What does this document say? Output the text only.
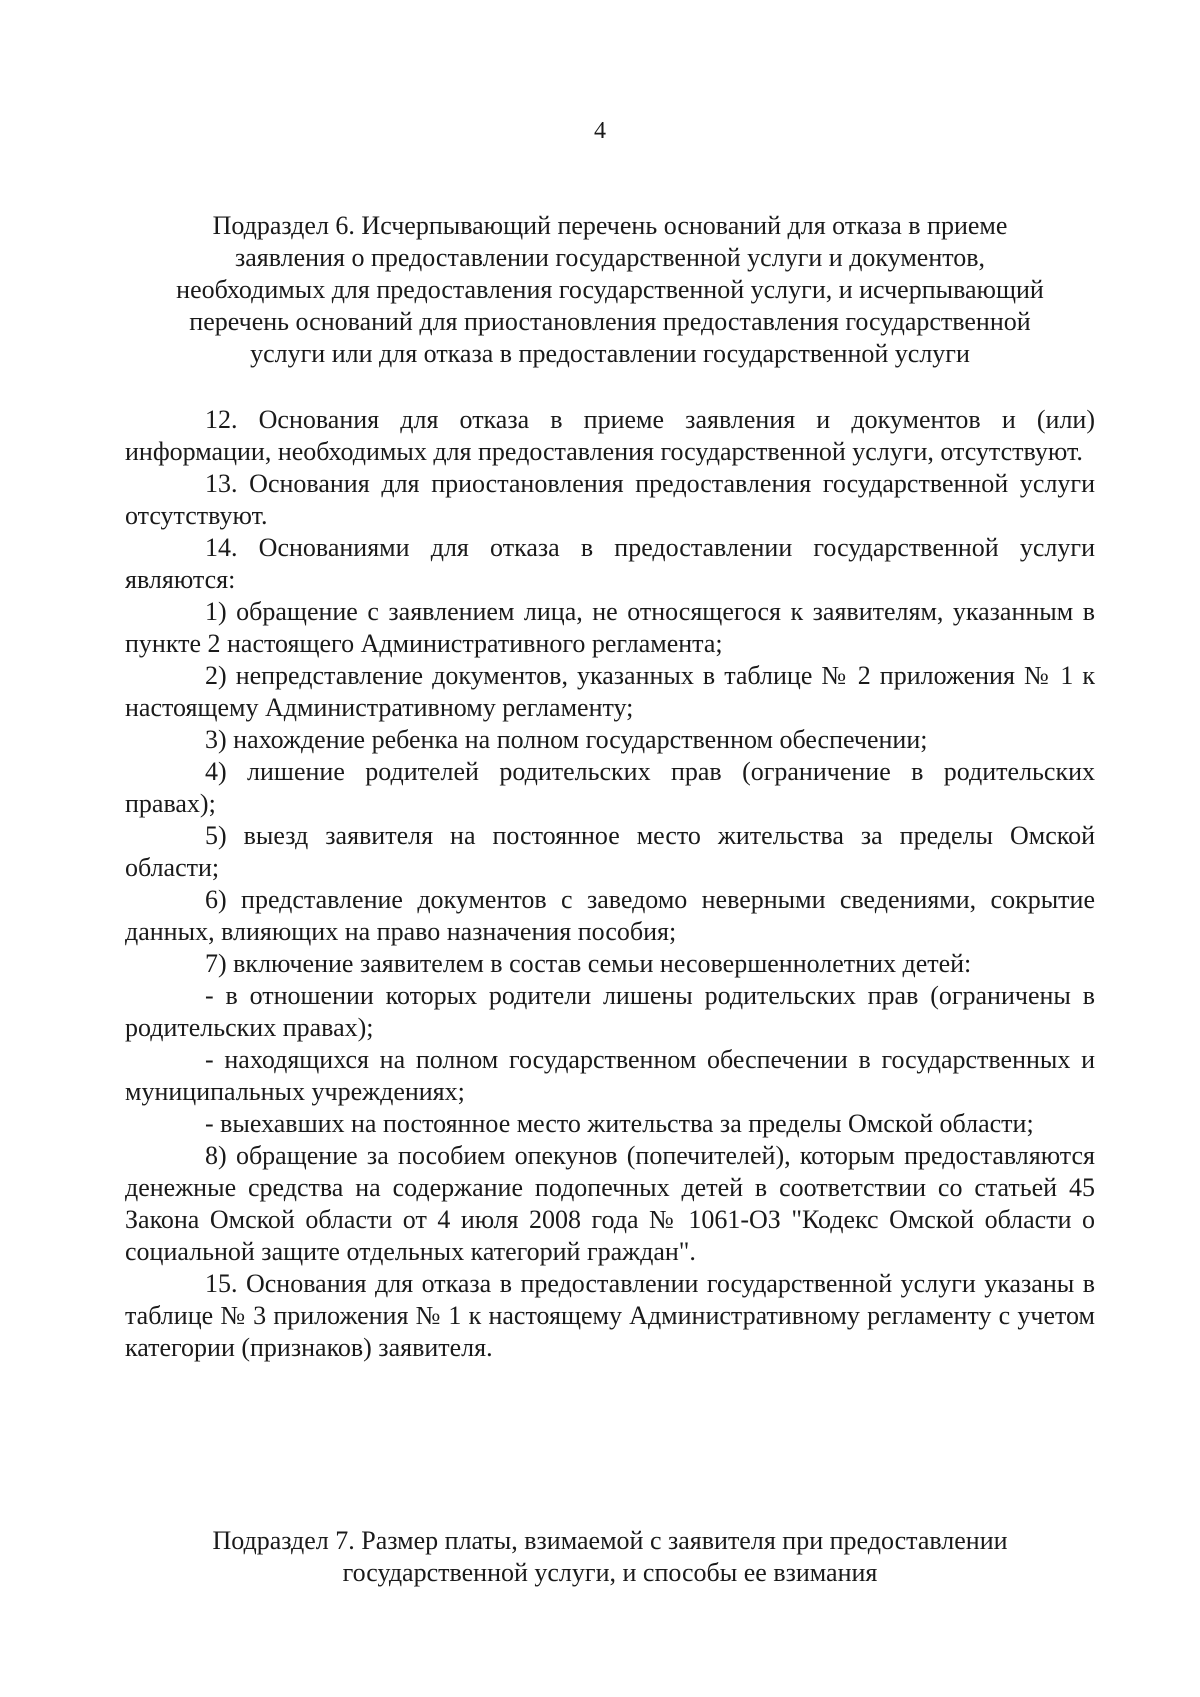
4
Подраздел 6. Исчерпывающий перечень оснований для отказа в приеме
заявления о предоставлении государственной услуги и документов,
необходимых для предоставления государственной услуги, и исчерпывающий
перечень оснований для приостановления предоставления государственной
услуги или для отказа в предоставлении государственной услуги

12. Основания для отказа в приеме заявления и документов и (или) информации, необходимых для предоставления государственной услуги, отсутствуют.

13. Основания для приостановления предоставления государственной услуги отсутствуют.

14. Основаниями для отказа в предоставлении государственной услуги являются:

1) обращение с заявлением лица, не относящегося к заявителям, указанным в пункте 2 настоящего Административного регламента;

2) непредставление документов, указанных в таблице № 2 приложения № 1 к настоящему Административному регламенту;

3) нахождение ребенка на полном государственном обеспечении;

4) лишение родителей родительских прав (ограничение в родительских правах);

5) выезд заявителя на постоянное место жительства за пределы Омской области;

6) представление документов с заведомо неверными сведениями, сокрытие данных, влияющих на право назначения пособия;

7) включение заявителем в состав семьи несовершеннолетних детей:

- в отношении которых родители лишены родительских прав (ограничены в родительских правах);

- находящихся на полном государственном обеспечении в государственных и муниципальных учреждениях;

- выехавших на постоянное место жительства за пределы Омской области;

8) обращение за пособием опекунов (попечителей), которым предоставляются денежные средства на содержание подопечных детей в соответствии со статьей 45 Закона Омской области от 4 июля 2008 года № 1061-ОЗ "Кодекс Омской области о социальной защите отдельных категорий граждан".

15. Основания для отказа в предоставлении государственной услуги указаны в таблице № 3 приложения № 1 к настоящему Административному регламенту с учетом категории (признаков) заявителя.

Подраздел 7. Размер платы, взимаемой с заявителя при предоставлении
государственной услуги, и способы ее взимания
